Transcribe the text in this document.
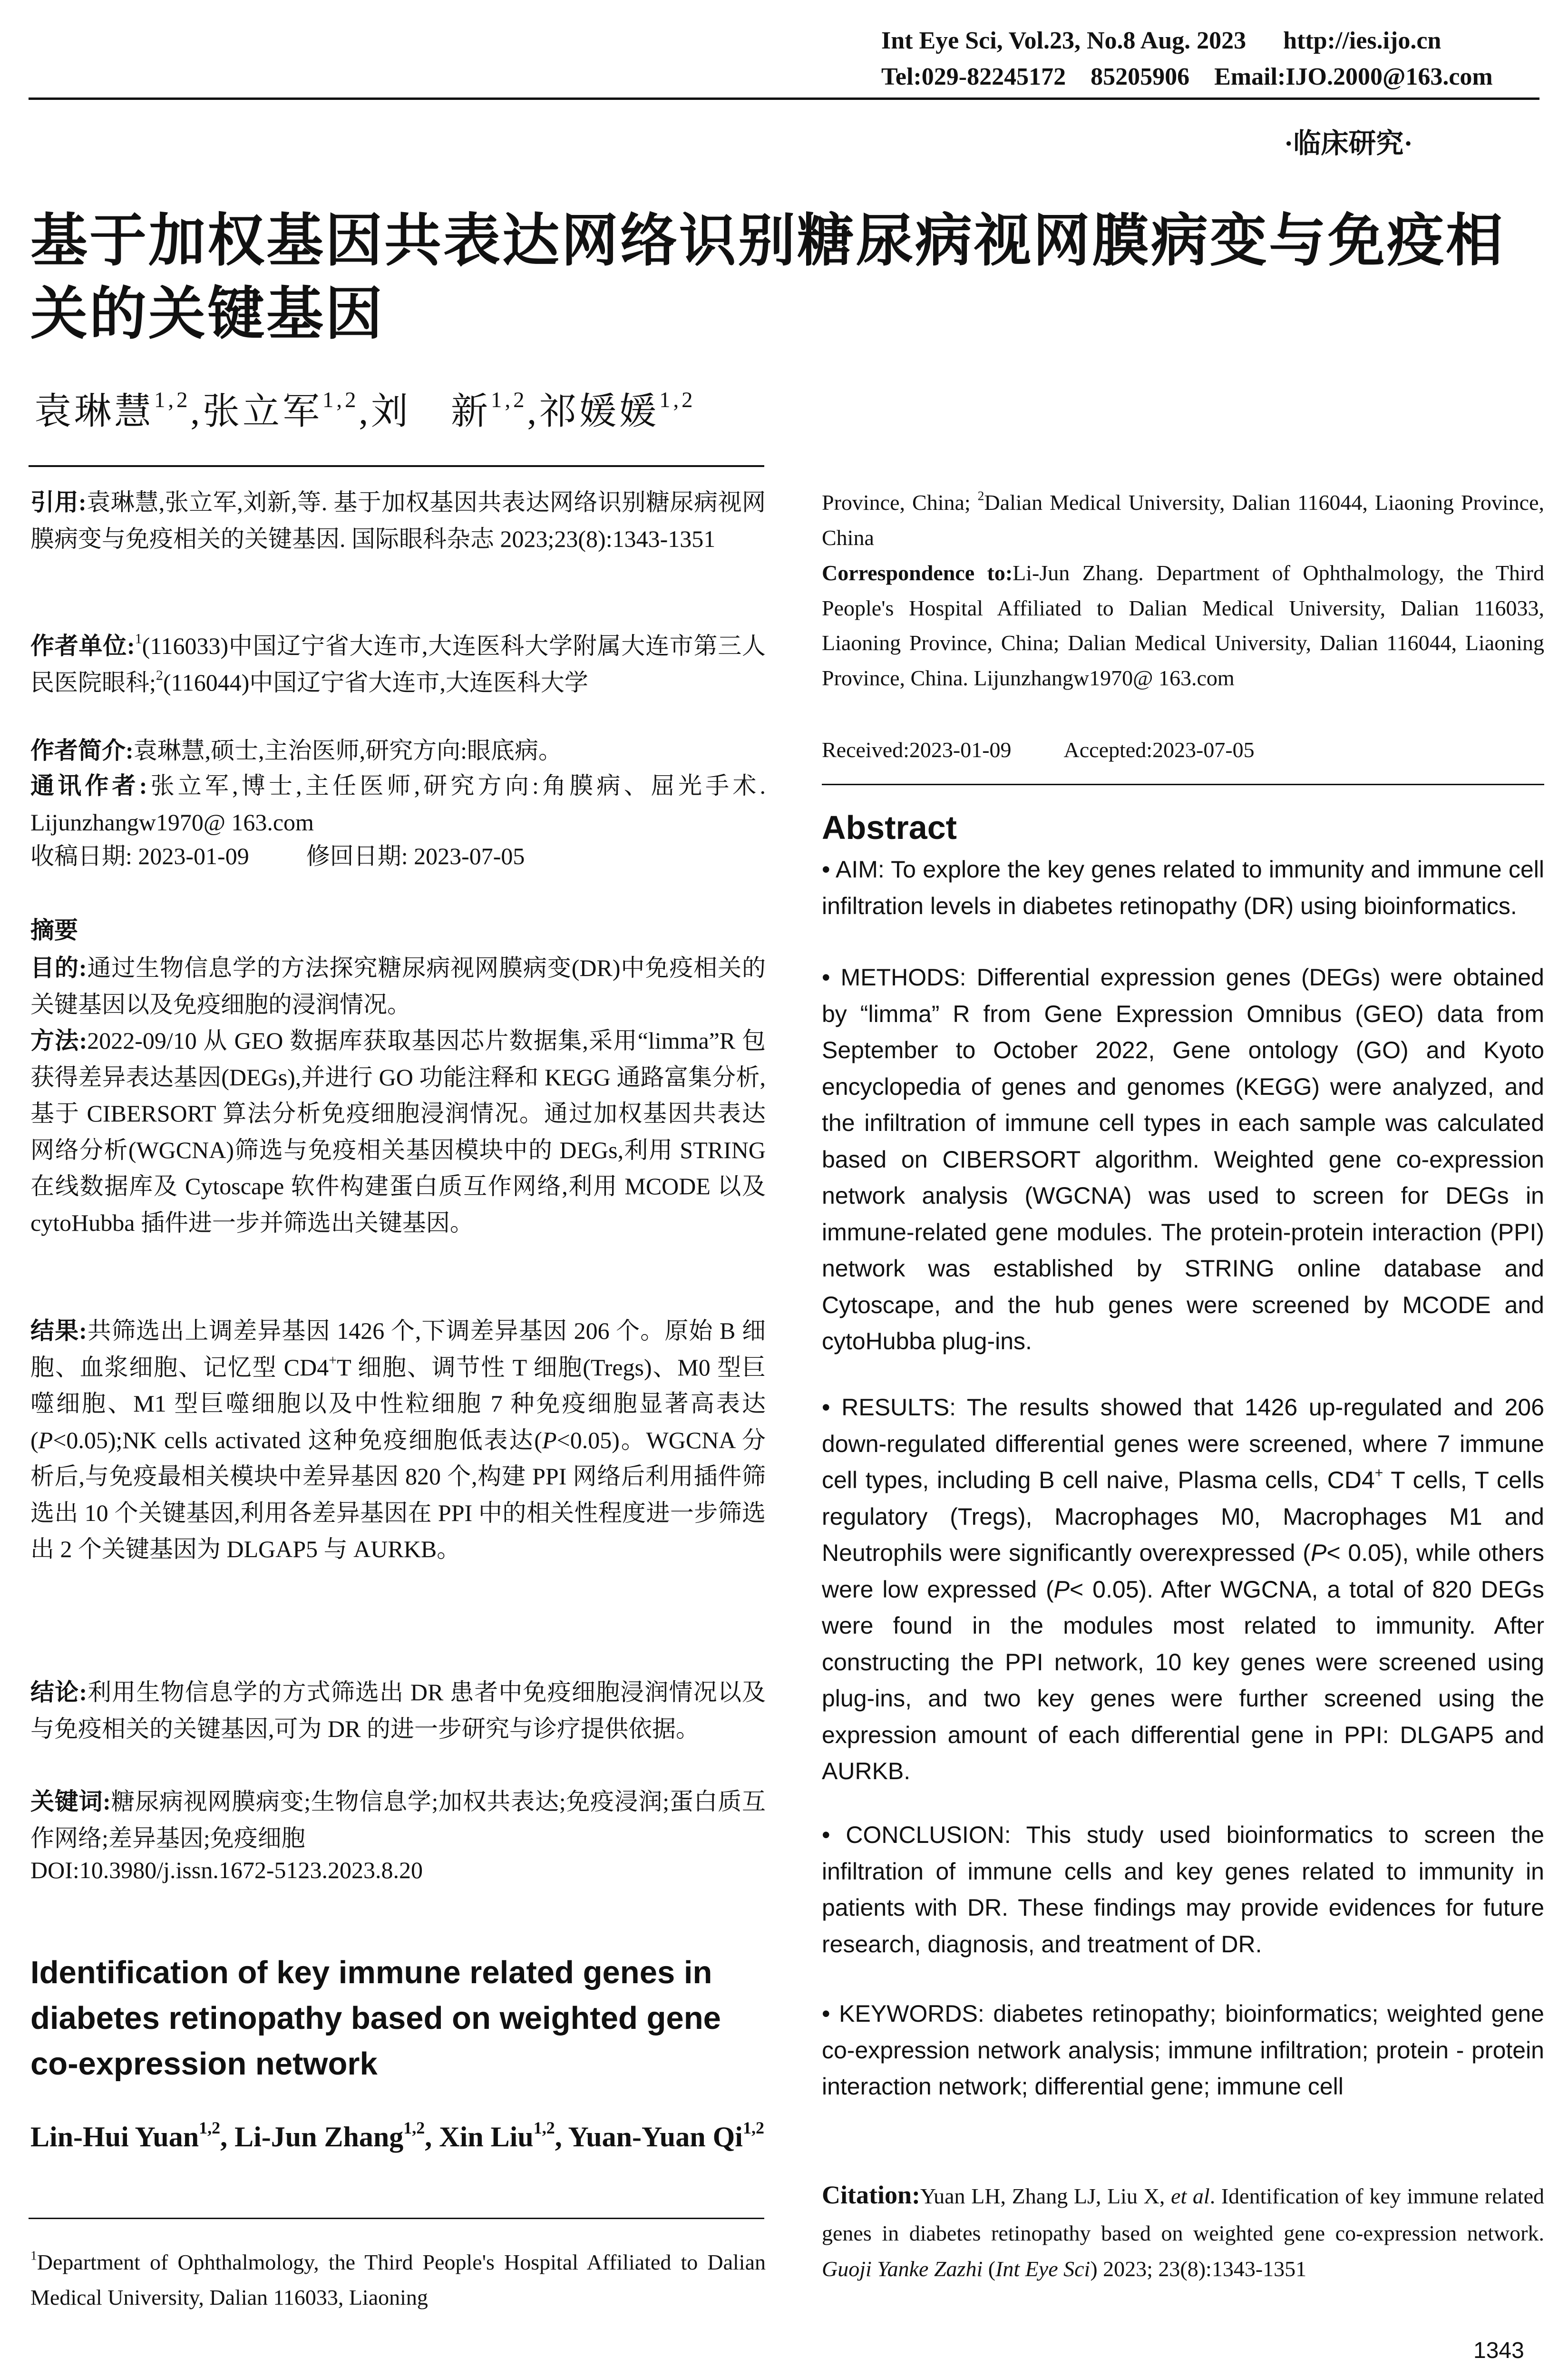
Int Eye Sci, Vol.23, No.8 Aug. 2023      http://ies.ijo.cn
Tel:029-82245172    85205906    Email:IJO.2000@163.com
·临床研究·
基于加权基因共表达网络识别糖尿病视网膜病变与免疫相关的关键基因
袁琳慧$^{1,2}$,张立军$^{1,2}$,刘　新$^{1,2}$,祁媛媛$^{1,2}$
引用:袁琳慧,张立军,刘新,等. 基于加权基因共表达网络识别糖尿病视网膜病变与免疫相关的关键基因. 国际眼科杂志 2023;23(8):1343-1351
作者单位:$^1$(116033)中国辽宁省大连市,大连医科大学附属大连市第三人民医院眼科;$^2$(116044)中国辽宁省大连市,大连医科大学
作者简介:袁琳慧,硕士,主治医师,研究方向:眼底病。
通讯作者:张立军,博士,主任医师,研究方向:角膜病、屈光手术. Lijunzhangw1970@ 163.com
收稿日期: 2023-01-09 修回日期: 2023-07-05
摘要
目的:通过生物信息学的方法探究糖尿病视网膜病变(DR)中免疫相关的关键基因以及免疫细胞的浸润情况。
方法:2022-09/10 从 GEO 数据库获取基因芯片数据集,采用“limma”R 包获得差异表达基因(DEGs),并进行 GO 功能注释和 KEGG 通路富集分析,基于 CIBERSORT 算法分析免疫细胞浸润情况。通过加权基因共表达网络分析(WGCNA)筛选与免疫相关基因模块中的 DEGs,利用 STRING 在线数据库及 Cytoscape 软件构建蛋白质互作网络,利用 MCODE 以及 cytoHubba 插件进一步并筛选出关键基因。
结果:共筛选出上调差异基因 1426 个,下调差异基因 206 个。原始 B 细胞、血浆细胞、记忆型 CD4+T 细胞、调节性 T 细胞(Tregs)、M0 型巨噬细胞、M1 型巨噬细胞以及中性粒细胞 7 种免疫细胞显著高表达(P<0.05);NK cells activated 这种免疫细胞低表达(P<0.05)。WGCNA 分析后,与免疫最相关模块中差异基因 820 个,构建 PPI 网络后利用插件筛选出 10 个关键基因,利用各差异基因在 PPI 中的相关性程度进一步筛选出 2 个关键基因为 DLGAP5 与 AURKB。
结论:利用生物信息学的方式筛选出 DR 患者中免疫细胞浸润情况以及与免疫相关的关键基因,可为 DR 的进一步研究与诊疗提供依据。
关键词:糖尿病视网膜病变;生物信息学;加权共表达;免疫浸润;蛋白质互作网络;差异基因;免疫细胞
DOI:10.3980/j.issn.1672-5123.2023.8.20
Identification of key immune related genes in diabetes retinopathy based on weighted gene co-expression network
Lin-Hui Yuan$^{1,2}$, Li-Jun Zhang$^{1,2}$, Xin Liu$^{1,2}$, Yuan-Yuan Qi$^{1,2}$
$^1$Department of Ophthalmology, the Third People's Hospital Affiliated to Dalian Medical University, Dalian 116033, Liaoning
Province, China; $^2$Dalian Medical University, Dalian 116044, Liaoning Province, China
Correspondence to:Li-Jun Zhang. Department of Ophthalmology, the Third People's Hospital Affiliated to Dalian Medical University, Dalian 116033, Liaoning Province, China; Dalian Medical University, Dalian 116044, Liaoning Province, China. Lijunzhangw1970@ 163.com
Received:2023-01-09 Accepted:2023-07-05
Abstract
• AIM: To explore the key genes related to immunity and immune cell infiltration levels in diabetes retinopathy (DR) using bioinformatics.
• METHODS: Differential expression genes (DEGs) were obtained by “limma” R from Gene Expression Omnibus (GEO) data from September to October 2022, Gene ontology (GO) and Kyoto encyclopedia of genes and genomes (KEGG) were analyzed, and the infiltration of immune cell types in each sample was calculated based on CIBERSORT algorithm. Weighted gene co-expression network analysis (WGCNA) was used to screen for DEGs in immune-related gene modules. The protein-protein interaction (PPI) network was established by STRING online database and Cytoscape, and the hub genes were screened by MCODE and cytoHubba plug-ins.
• RESULTS: The results showed that 1426 up-regulated and 206 down-regulated differential genes were screened, where 7 immune cell types, including B cell naive, Plasma cells, CD4+ T cells, T cells regulatory (Tregs), Macrophages M0, Macrophages M1 and Neutrophils were significantly overexpressed (P< 0.05), while others were low expressed (P< 0.05). After WGCNA, a total of 820 DEGs were found in the modules most related to immunity. After constructing the PPI network, 10 key genes were screened using plug-ins, and two key genes were further screened using the expression amount of each differential gene in PPI: DLGAP5 and AURKB.
• CONCLUSION: This study used bioinformatics to screen the infiltration of immune cells and key genes related to immunity in patients with DR. These findings may provide evidences for future research, diagnosis, and treatment of DR.
• KEYWORDS: diabetes retinopathy; bioinformatics; weighted gene co-expression network analysis; immune infiltration; protein - protein interaction network; differential gene; immune cell
Citation:Yuan LH, Zhang LJ, Liu X, et al. Identification of key immune related genes in diabetes retinopathy based on weighted gene co-expression network. Guoji Yanke Zazhi (Int Eye Sci) 2023; 23(8):1343-1351
1343
